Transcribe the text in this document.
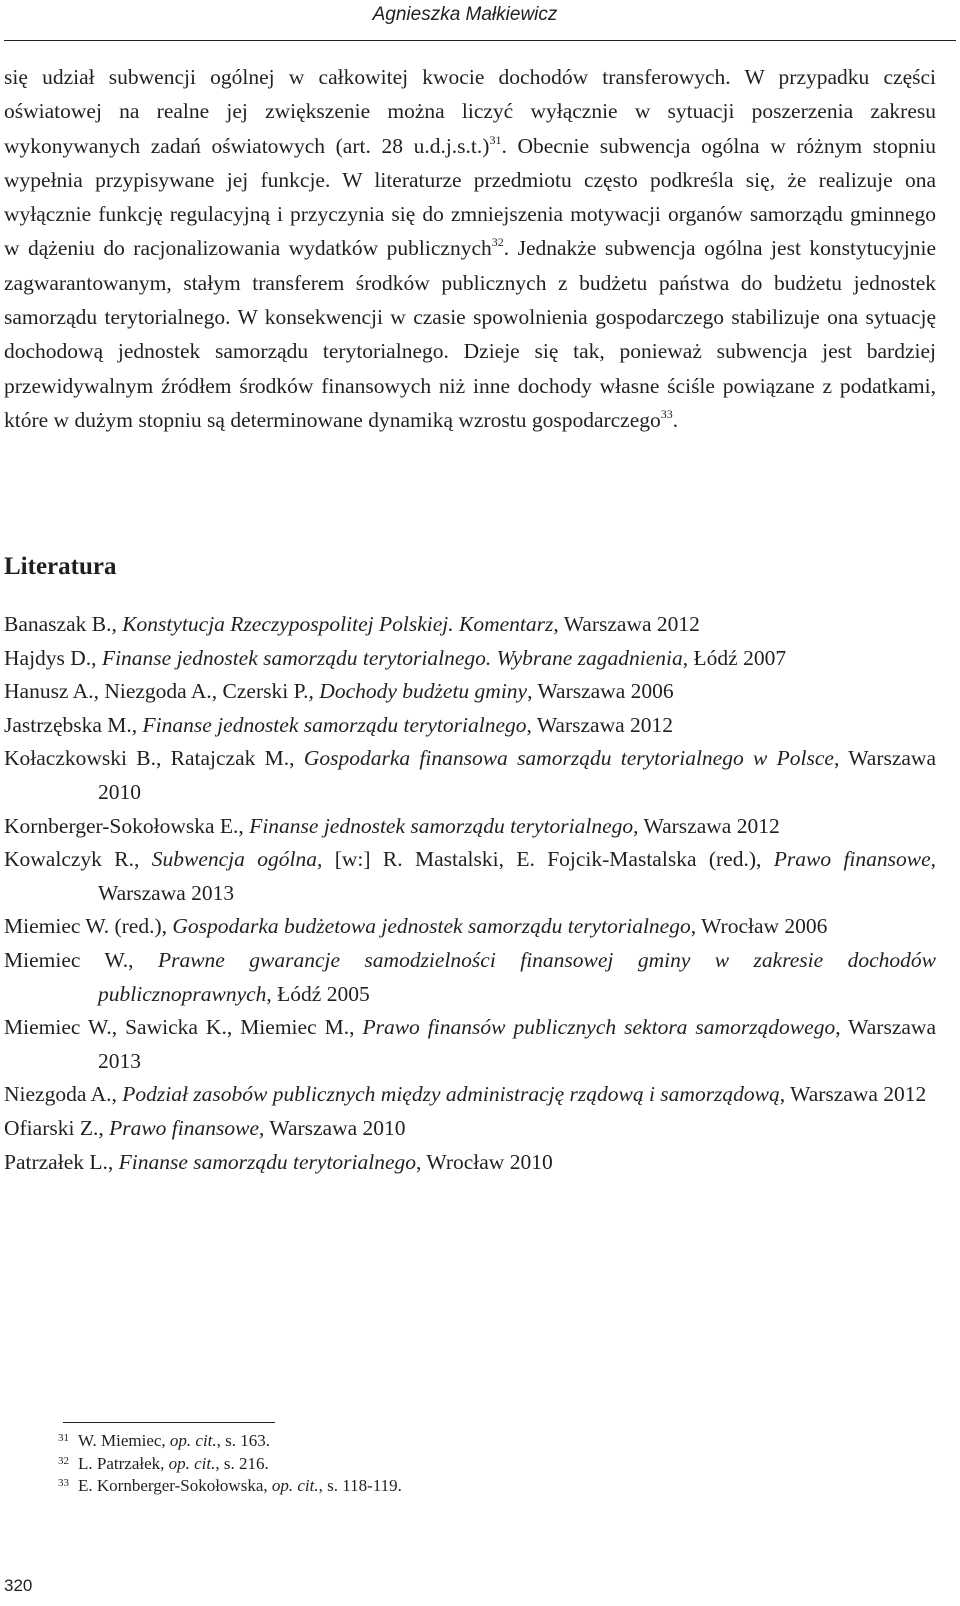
Agnieszka Małkiewicz

się udział subwencji ogólnej w całkowitej kwocie dochodów transferowych. W przypadku części oświatowej na realne jej zwiększenie można liczyć wyłącznie w sytuacji poszerzenia zakresu wykonywanych zadań oświatowych (art. 28 u.d.j.s.t.)$^{31}$. Obecnie subwencja ogólna w różnym stopniu wypełnia przypisywane jej funkcje. W literaturze przedmiotu często podkreśla się, że realizuje ona wyłącznie funkcję regulacyjną i przyczynia się do zmniejszenia motywacji organów samorządu gminnego w dążeniu do racjonalizowania wydatków publicznych$^{32}$. Jednakże subwencja ogólna jest konstytucyjnie zagwarantowanym, stałym transferem środków publicznych z budżetu państwa do budżetu jednostek samorządu terytorialnego. W konsekwencji w czasie spowolnienia gospodarczego stabilizuje ona sytuację dochodową jednostek samorządu terytorialnego. Dzieje się tak, ponieważ subwencja jest bardziej przewidywalnym źródłem środków finansowych niż inne dochody własne ściśle powiązane z podatkami, które w dużym stopniu są determinowane dynamiką wzrostu gospodarczego$^{33}$.

Literatura
Banaszak B., Konstytucja Rzeczypospolitej Polskiej. Komentarz, Warszawa 2012
Hajdys D., Finanse jednostek samorządu terytorialnego. Wybrane zagadnienia, Łódź 2007
Hanusz A., Niezgoda A., Czerski P., Dochody budżetu gminy, Warszawa 2006
Jastrzębska M., Finanse jednostek samorządu terytorialnego, Warszawa 2012
Kołaczkowski B., Ratajczak M., Gospodarka finansowa samorządu terytorialnego w Polsce, Warszawa 2010
Kornberger-Sokołowska E., Finanse jednostek samorządu terytorialnego, Warszawa 2012
Kowalczyk R., Subwencja ogólna, [w:] R. Mastalski, E. Fojcik-Mastalska (red.), Prawo finansowe, Warszawa 2013
Miemiec W. (red.), Gospodarka budżetowa jednostek samorządu terytorialnego, Wrocław 2006
Miemiec W., Prawne gwarancje samodzielności finansowej gminy w zakresie dochodów publicznoprawnych, Łódź 2005
Miemiec W., Sawicka K., Miemiec M., Prawo finansów publicznych sektora samorządowego, Warszawa 2013
Niezgoda A., Podział zasobów publicznych między administrację rządową i samorządową, Warszawa 2012
Ofiarski Z., Prawo finansowe, Warszawa 2010
Patrzałek L., Finanse samorządu terytorialnego, Wrocław 2010
31 W. Miemiec, op. cit., s. 163.
32 L. Patrzałek, op. cit., s. 216.
33 E. Kornberger-Sokołowska, op. cit., s. 118-119.
320
